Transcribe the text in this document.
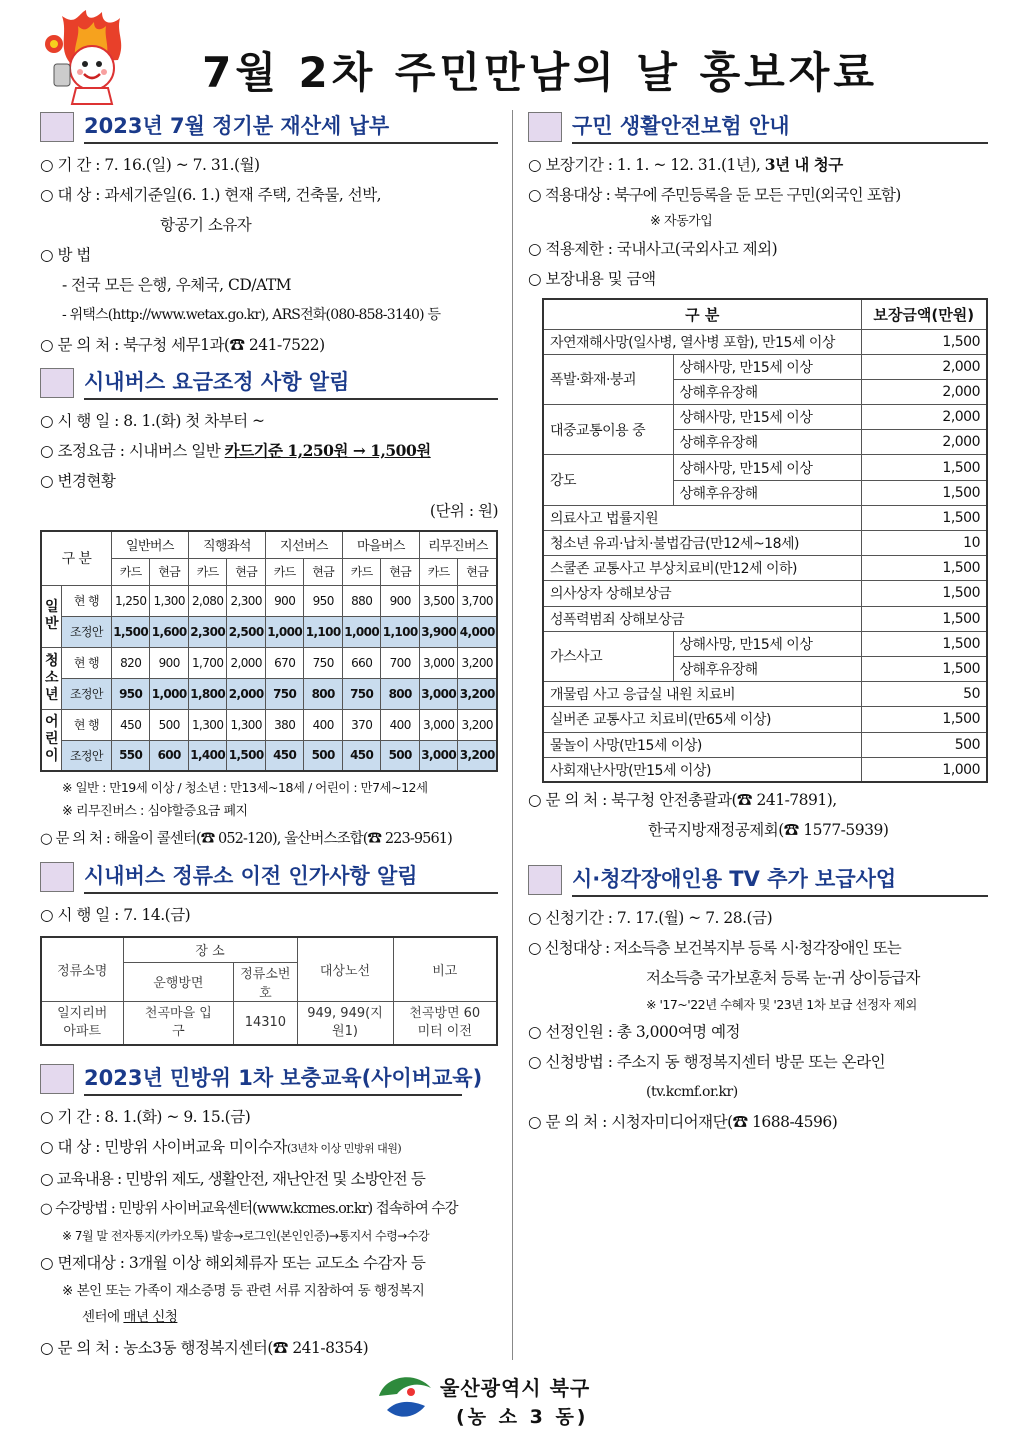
7월 2차 주민만남의 날 홍보자료
2023년 7월 정기분 재산세 납부
○ 기 간 : 7. 16.(일) ~ 7. 31.(월)
○ 대 상 : 과세기준일(6. 1.) 현재 주택, 건축물, 선박,
항공기 소유자
○ 방 법
- 전국 모든 은행, 우체국, CD/ATM
- 위택스(http://www.wetax.go.kr), ARS전화(080-858-3140) 등
○ 문 의 처 : 북구청 세무1과(☎ 241-7522)
시내버스 요금조정 사항 알림
○ 시 행 일 : 8. 1.(화) 첫 차부터 ~
○ 조정요금 : 시내버스 일반 카드기준 1,250원 → 1,500원
○ 변경현황
(단위 : 원)
구 분		일반버스		직행좌석		지선버스		마을버스		리무진버스	
		카드	현금	카드	현금	카드	현금	카드	현금	카드	현금
일반	현 행	1,250	1,300	2,080	2,300	900	950	880	900	3,500	3,700
	조정안	1,500	1,600	2,300	2,500	1,000	1,100	1,000	1,100	3,900	4,000
청소년	현 행	820	900	1,700	2,000	670	750	660	700	3,000	3,200
	조정안	950	1,000	1,800	2,000	750	800	750	800	3,000	3,200
어린이	현 행	450	500	1,300	1,300	380	400	370	400	3,000	3,200
	조정안	550	600	1,400	1,500	450	500	450	500	3,000	3,200
※ 일반 : 만19세 이상 / 청소년 : 만13세~18세 / 어린이 : 만7세~12세
※ 리무진버스 : 심야할증요금 폐지
○ 문 의 처 : 해울이 콜센터(☎ 052-120), 울산버스조합(☎ 223-9561)
시내버스 정류소 이전 인가사항 알림
○ 시 행 일 : 7. 14.(금)
정류소명	장 소		대상노선	비고
	운행방면	정류소번호		
일지리버 아파트	천곡마을 입구	14310	949, 949(지원1)	천곡방면 60미터 이전
2023년 민방위 1차 보충교육(사이버교육)
○ 기 간 : 8. 1.(화) ~ 9. 15.(금)
○ 대 상 : 민방위 사이버교육 미이수자(3년차 이상 민방위 대원)
○ 교육내용 : 민방위 제도, 생활안전, 재난안전 및 소방안전 등
○ 수강방법 : 민방위 사이버교육센터(www.kcmes.or.kr) 접속하여 수강
※ 7월 말 전자통지(카카오톡) 발송→로그인(본인인증)→통지서 수령→수강
○ 면제대상 : 3개월 이상 해외체류자 또는 교도소 수감자 등
※ 본인 또는 가족이 재소증명 등 관련 서류 지참하여 동 행정복지
센터에 매년 신청
○ 문 의 처 : 농소3동 행정복지센터(☎ 241-8354)
구민 생활안전보험 안내
○ 보장기간 : 1. 1. ~ 12. 31.(1년), 3년 내 청구
○ 적용대상 : 북구에 주민등록을 둔 모든 구민(외국인 포함)
※ 자동가입
○ 적용제한 : 국내사고(국외사고 제외)
○ 보장내용 및 금액
구 분		보장금액(만원)
자연재해사망(일사병, 열사병 포함), 만15세 이상		1,500
폭발·화재·붕괴	상해사망, 만15세 이상	2,000
	상해후유장해	2,000
대중교통이용 중	상해사망, 만15세 이상	2,000
	상해후유장해	2,000
강도	상해사망, 만15세 이상	1,500
	상해후유장해	1,500
의료사고 법률지원		1,500
청소년 유괴·납치·불법감금(만12세~18세)		10
스쿨존 교통사고 부상치료비(만12세 이하)		1,500
의사상자 상해보상금		1,500
성폭력범죄 상해보상금		1,500
가스사고	상해사망, 만15세 이상	1,500
	상해후유장해	1,500
개물림 사고 응급실 내원 치료비		50
실버존 교통사고 치료비(만65세 이상)		1,500
물놀이 사망(만15세 이상)		500
사회재난사망(만15세 이상)		1,000
○ 문 의 처 : 북구청 안전총괄과(☎ 241-7891),
한국지방재정공제회(☎ 1577-5939)
시·청각장애인용 TV 추가 보급사업
○ 신청기간 : 7. 17.(월) ~ 7. 28.(금)
○ 신청대상 : 저소득층 보건복지부 등록 시·청각장애인 또는
저소득층 국가보훈처 등록 눈·귀 상이등급자
※ '17~'22년 수혜자 및 '23년 1차 보급 선정자 제외
○ 선정인원 : 총 3,000여명 예정
○ 신청방법 : 주소지 동 행정복지센터 방문 또는 온라인
(tv.kcmf.or.kr)
○ 문 의 처 : 시청자미디어재단(☎ 1688-4596)
울산광역시 북구
(농 소 3 동)
